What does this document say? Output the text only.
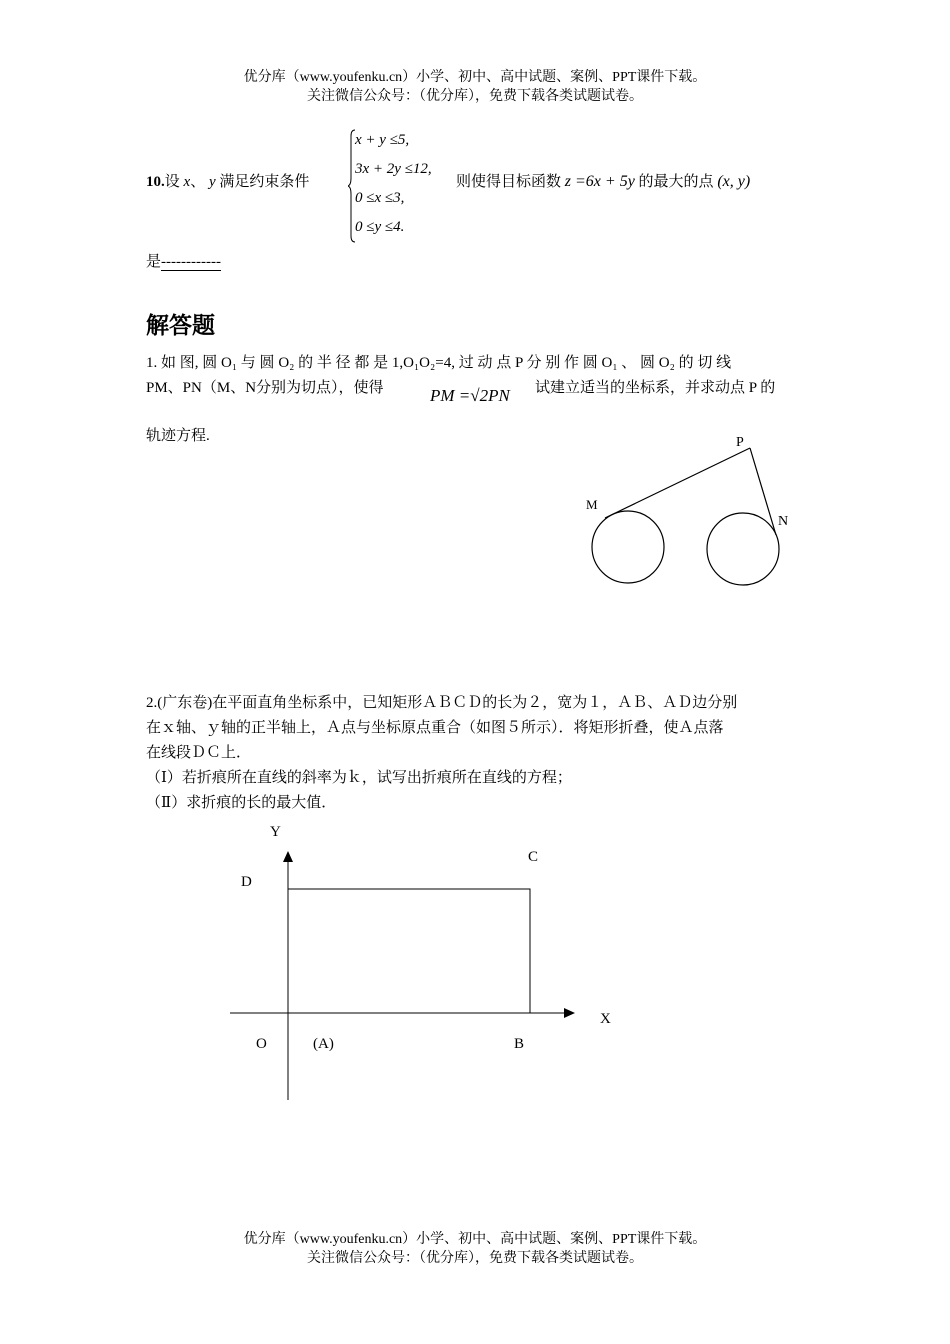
优分库（www.youfenku.cn）小学、初中、高中试题、案例、PPT课件下载。
关注微信公众号：（优分库），免费下载各类试题试卷。
10.设 x、 y 满足约束条件
x + y ≤5,
3x + 2y ≤12,
0 ≤x ≤3,
0 ≤y ≤4.
则使得目标函数 z =6x + 5y 的最大的点 (x, y)
是------------
解答题
1. 如 图, 圆 O₁ 与 圆 O₂ 的 半 径 都 是 1,O₁O₂=4, 过 动 点 P 分 别 作 圆 O₁ 、 圆 O₂ 的 切 线
PM、PN（M、N分别为切点），使得	PM =√2PN 试建立适当的坐标系，并求动点 P 的
轨迹方程.	P
M
N
2.(广东卷)在平面直角坐标系中，已知矩形ＡＢＣＤ的长为２，宽为１，ＡＢ、ＡＤ边分别
在ｘ轴、ｙ轴的正半轴上，Ａ点与坐标原点重合（如图５所示）．将矩形折叠，使Ａ点落
在线段ＤＣ上．
（Ⅰ）若折痕所在直线的斜率为ｋ，试写出折痕所在直线的方程；
（Ⅱ）求折痕的长的最大值．
Y
X
C
D
O	(A)	B
优分库（www.youfenku.cn）小学、初中、高中试题、案例、PPT课件下载。
关注微信公众号：（优分库），免费下载各类试题试卷。
